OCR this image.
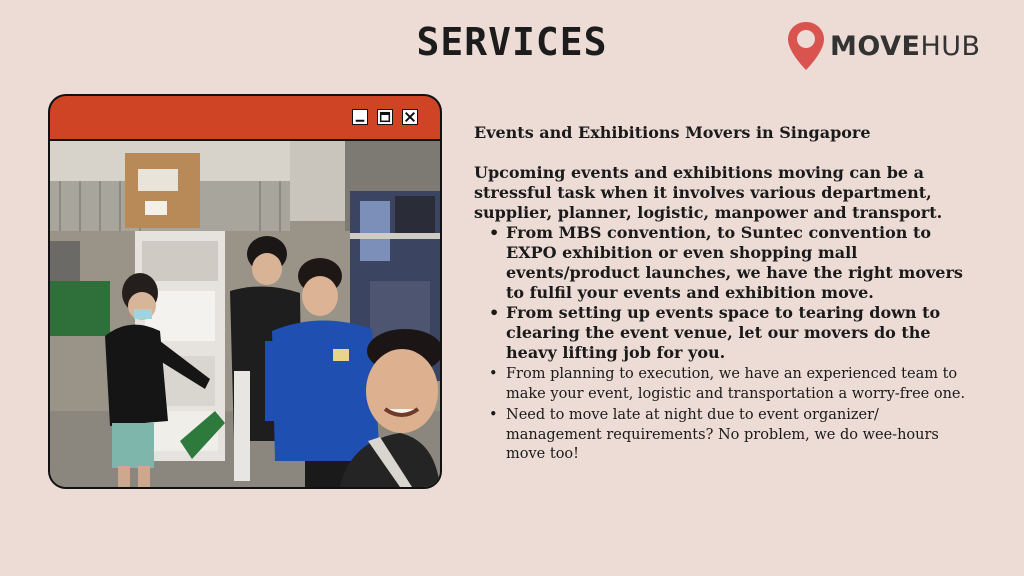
SERVICES	MOVEHUB

Events and Exhibitions Movers in Singapore

Upcoming events and exhibitions moving can be a stressful task when it involves various department, supplier, planner, logistic, manpower and transport.

• From MBS convention, to Suntec convention to EXPO exhibition or even shopping mall events/product launches, we have the right movers to fulfil your events and exhibition move.
• From setting up events space to tearing down to clearing the event venue, let our movers do the heavy lifting job for you.
• From planning to execution, we have an experienced team to make your event, logistic and transportation a worry-free one.
• Need to move late at night due to event organizer/ management requirements? No problem, we do wee-hours move too!
